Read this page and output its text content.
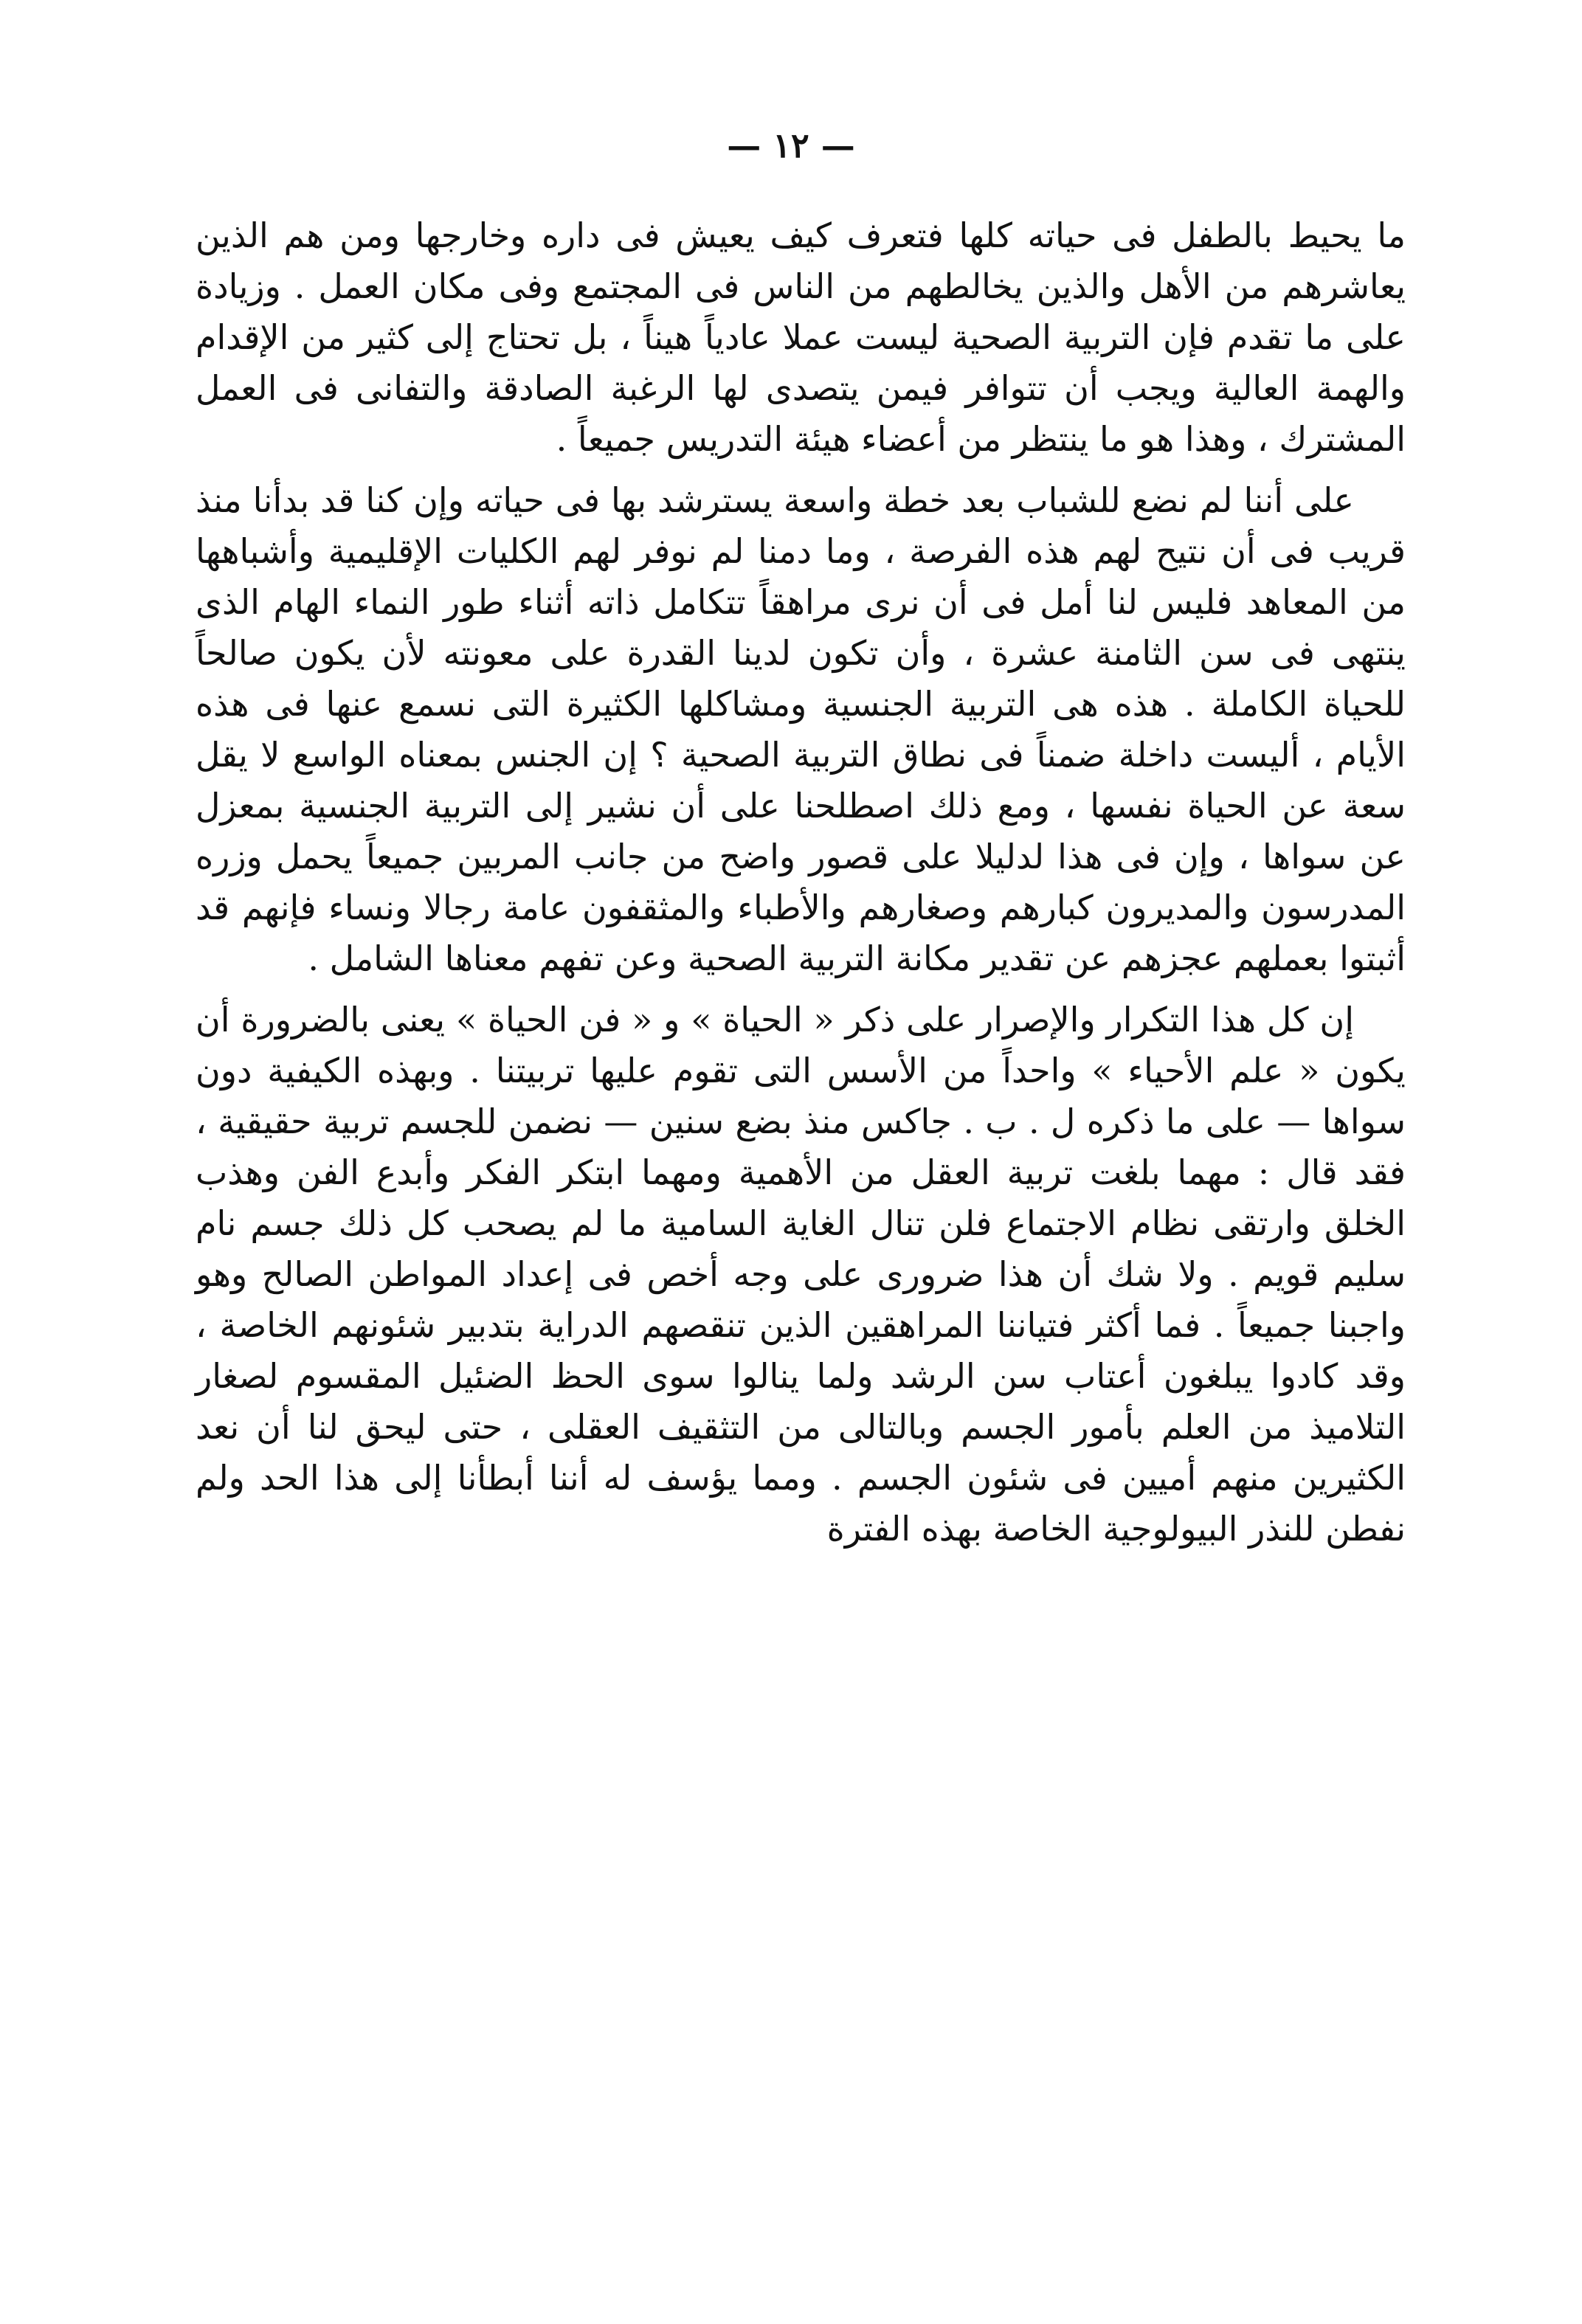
— ١٢ —

ما يحيط بالطفل فى حياته كلها فتعرف كيف يعيش فى داره وخارجها ومن هم الذين يعاشرهم من الأهل والذين يخالطهم من الناس فى المجتمع وفى مكان العمل . وزيادة على ما تقدم فإن التربية الصحية ليست عملا عادياً هيناً ، بل تحتاج إلى كثير من الإقدام والهمة العالية ويجب أن تتوافر فيمن يتصدى لها الرغبة الصادقة والتفانى فى العمل المشترك ، وهذا هو ما ينتظر من أعضاء هيئة التدريس جميعاً .

على أننا لم نضع للشباب بعد خطة واسعة يسترشد بها فى حياته وإن كنا قد بدأنا منذ قريب فى أن نتيح لهم هذه الفرصة ، وما دمنا لم نوفر لهم الكليات الإقليمية وأشباهها من المعاهد فليس لنا أمل فى أن نرى مراهقاً تتكامل ذاته أثناء طور النماء الهام الذى ينتهى فى سن الثامنة عشرة ، وأن تكون لدينا القدرة على معونته لأن يكون صالحاً للحياة الكاملة . هذه هى التربية الجنسية ومشاكلها الكثيرة التى نسمع عنها فى هذه الأيام ، أليست داخلة ضمناً فى نطاق التربية الصحية ؟ إن الجنس بمعناه الواسع لا يقل سعة عن الحياة نفسها ، ومع ذلك اصطلحنا على أن نشير إلى التربية الجنسية بمعزل عن سواها ، وإن فى هذا لدليلا على قصور واضح من جانب المربين جميعاً يحمل وزره المدرسون والمديرون كبارهم وصغارهم والأطباء والمثقفون عامة رجالا ونساء فإنهم قد أثبتوا بعملهم عجزهم عن تقدير مكانة التربية الصحية وعن تفهم معناها الشامل .

إن كل هذا التكرار والإصرار على ذكر « الحياة » و « فن الحياة » يعنى بالضرورة أن يكون « علم الأحياء » واحداً من الأسس التى تقوم عليها تربيتنا . وبهذه الكيفية دون سواها — على ما ذكره ل . ب . جاكس منذ بضع سنين — نضمن للجسم تربية حقيقية ، فقد قال : مهما بلغت تربية العقل من الأهمية ومهما ابتكر الفكر وأبدع الفن وهذب الخلق وارتقى نظام الاجتماع فلن تنال الغاية السامية ما لم يصحب كل ذلك جسم نام سليم قويم . ولا شك أن هذا ضرورى على وجه أخص فى إعداد المواطن الصالح وهو واجبنا جميعاً . فما أكثر فتياننا المراهقين الذين تنقصهم الدراية بتدبير شئونهم الخاصة ، وقد كادوا يبلغون أعتاب سن الرشد ولما ينالوا سوى الحظ الضئيل المقسوم لصغار التلاميذ من العلم بأمور الجسم وبالتالى من التثقيف العقلى ، حتى ليحق لنا أن نعد الكثيرين منهم أميين فى شئون الجسم . ومما يؤسف له أننا أبطأنا إلى هذا الحد ولم نفطن للنذر البيولوجية الخاصة بهذه الفترة
